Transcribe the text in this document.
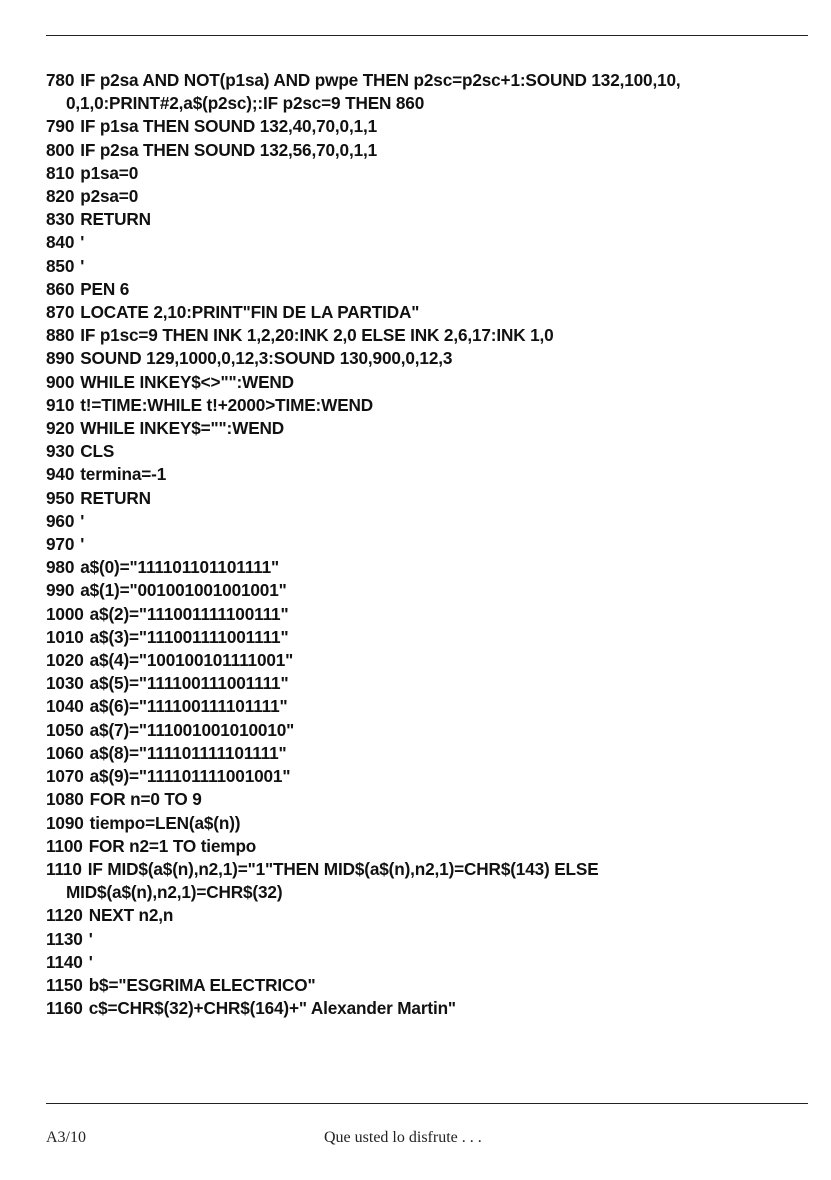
780 IF p2sa AND NOT(p1sa) AND pwpe THEN p2sc=p2sc+1:SOUND 132,100,10,
0,1,0:PRINT#2,a$(p2sc);:IF p2sc=9 THEN 860
790 IF p1sa THEN SOUND 132,40,70,0,1,1
800 IF p2sa THEN SOUND 132,56,70,0,1,1
810 p1sa=0
820 p2sa=0
830 RETURN
840 '
850 '
860 PEN 6
870 LOCATE 2,10:PRINT"FIN DE LA PARTIDA"
880 IF p1sc=9 THEN INK 1,2,20:INK 2,0 ELSE INK 2,6,17:INK 1,0
890 SOUND 129,1000,0,12,3:SOUND 130,900,0,12,3
900 WHILE INKEY$<>"":WEND
910 t!=TIME:WHILE t!+2000>TIME:WEND
920 WHILE INKEY$="":WEND
930 CLS
940 termina=-1
950 RETURN
960 '
970 '
980 a$(0)="111101101101111"
990 a$(1)="001001001001001"
1000 a$(2)="111001111100111"
1010 a$(3)="111001111001111"
1020 a$(4)="100100101111001"
1030 a$(5)="111100111001111"
1040 a$(6)="111100111101111"
1050 a$(7)="111001001010010"
1060 a$(8)="111101111101111"
1070 a$(9)="111101111001001"
1080 FOR n=0 TO 9
1090 tiempo=LEN(a$(n))
1100 FOR n2=1 TO tiempo
1110 IF MID$(a$(n),n2,1)="1"THEN MID$(a$(n),n2,1)=CHR$(143) ELSE
MID$(a$(n),n2,1)=CHR$(32)
1120 NEXT n2,n
1130 '
1140 '
1150 b$="ESGRIMA ELECTRICO"
1160 c$=CHR$(32)+CHR$(164)+" Alexander Martin"
A3/10	Que usted lo disfrute . . .
